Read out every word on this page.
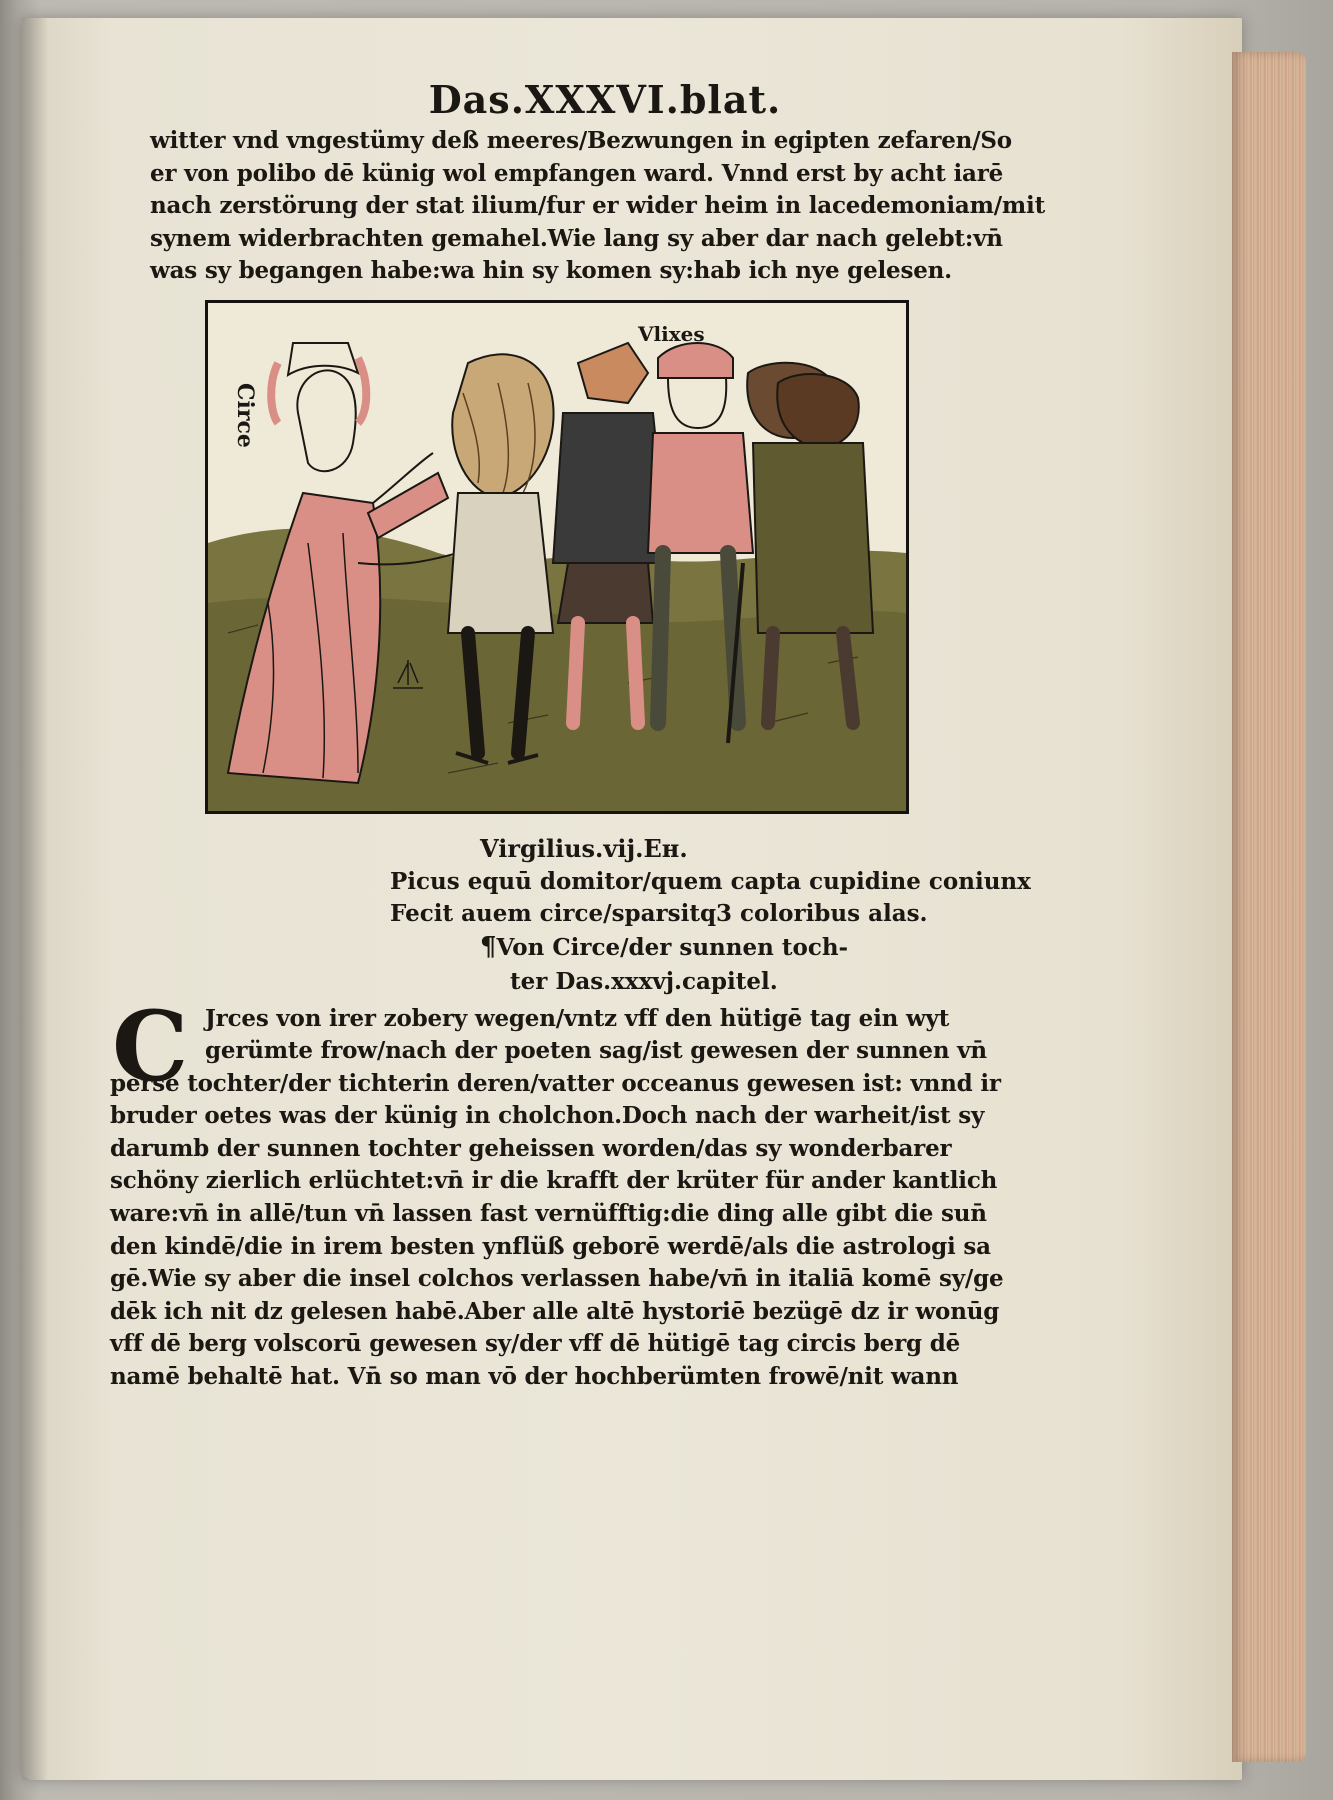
Das.XXXVI.blat.

witter vnd vngestümy deß meeres/Bezwungen in egipten zefaren/So

er von polibo dē künig wol empfangen ward. Vnnd erst by acht iarē

nach zerstörung der stat ilium/fur er wider heim in lacedemoniam/mit

synem widerbrachten gemahel.Wie lang sy aber dar nach gelebt:vn̄

was sy begangen habe:wa hin sy komen sy:hab ich nye gelesen.

Circe
Vlixes
Virgilius.vij.Ен.

Picus equū domitor/quem capta cupidine coniunx

Fecit auem circe/sparsitq3 coloribus alas.

¶Von Circe/der sunnen toch-

ter Das.xxxvj.capitel.

C Jrces von irer zobery wegen/vntz vff den hütigē tag ein wyt

gerümte frow/nach der poeten sag/ist gewesen der sunnen vn̄

perse tochter/der tichterin deren/vatter occeanus gewesen ist: vnnd ir

bruder oetes was der künig in cholchon.Doch nach der warheit/ist sy

darumb der sunnen tochter geheissen worden/das sy wonderbarer

schöny zierlich erlüchtet:vn̄ ir die krafft der krüter für ander kantlich

ware:vn̄ in allē/tun vn̄ lassen fast vernüfftig:die ding alle gibt die sun̄

den kindē/die in irem besten ynflüß geborē werdē/als die astrologi sa

gē.Wie sy aber die insel colchos verlassen habe/vn̄ in italiā komē sy/ge

dēk ich nit dz gelesen habē.Aber alle altē hystoriē bezügē dz ir wonūg

vff dē berg volscorū gewesen sy/der vff dē hütigē tag circis berg dē

namē behaltē hat. Vn̄ so man vō der hochberümten frowē/nit wann
